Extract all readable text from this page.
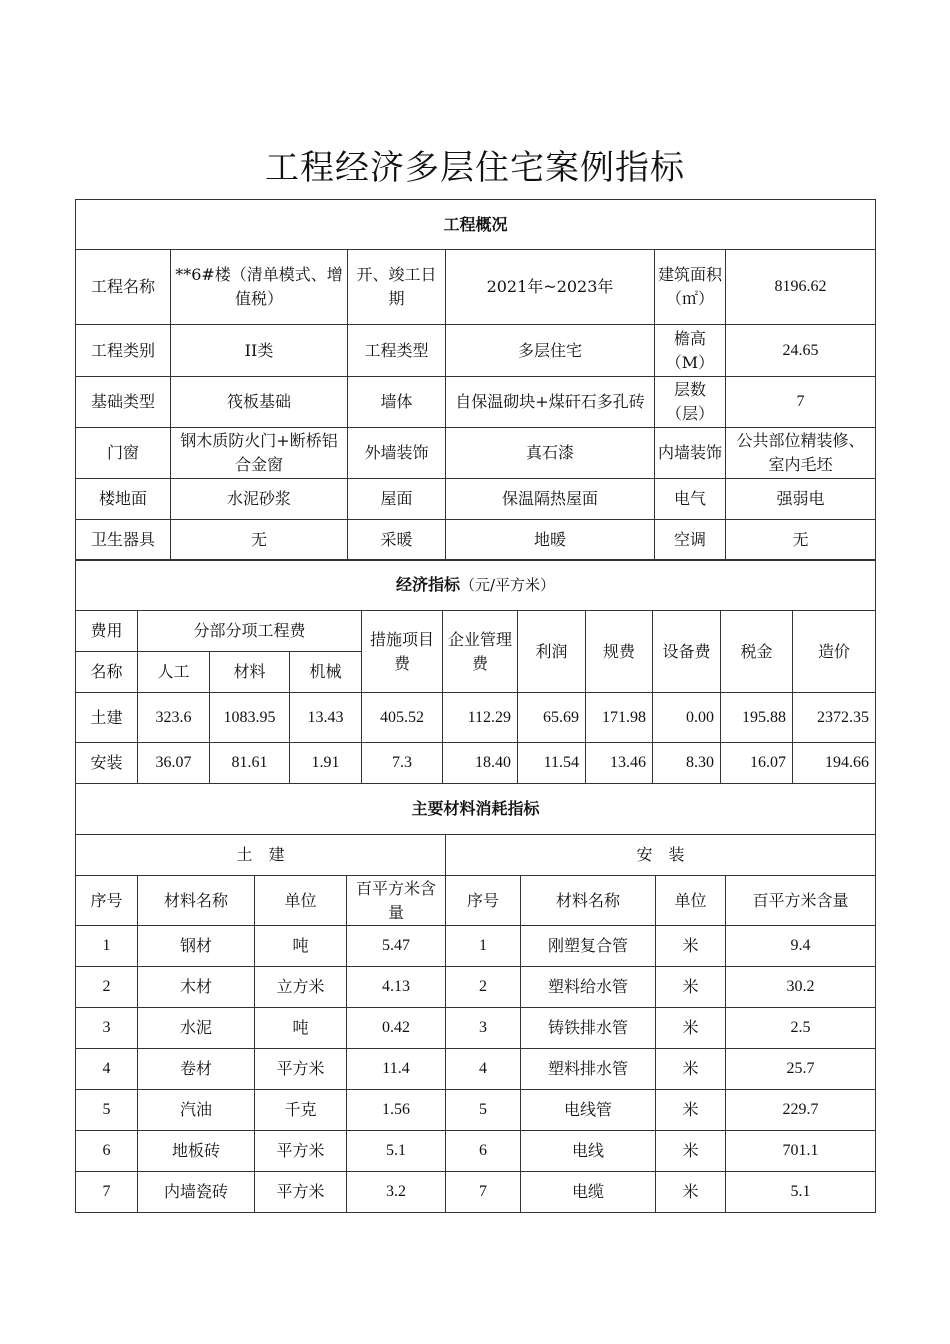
工程经济多层住宅案例指标
工程概况					
工程名称	**6#楼（清单模式、增值税）	开、竣工日期	2021年~2023年	建筑面积（㎡）	8196.62
工程类别	II类	工程类型	多层住宅	檐高（M）	24.65
基础类型	筏板基础	墙体	自保温砌块+煤矸石多孔砖	层数（层）	7
门窗	钢木质防火门+断桥铝合金窗	外墙装饰	真石漆	内墙装饰	公共部位精装修、室内毛坯
楼地面	水泥砂浆	屋面	保温隔热屋面	电气	强弱电
卫生器具	无	采暖	地暖	空调	无
经济指标（元/平方米）										
费用	分部分项工程费			措施项目费	企业管理费	利润	规费	设备费	税金	造价
名称	人工	材料	机械							
土建	323.6	1083.95	13.43	405.52	112.29	65.69	171.98	0.00	195.88	2372.35
安装	36.07	81.61	1.91	7.3	18.40	11.54	13.46	8.30	16.07	194.66
主要材料消耗指标							
土　建				安　装			
序号	材料名称	单位	百平方米含量	序号	材料名称	单位	百平方米含量
1	钢材	吨	5.47	1	刚塑复合管	米	9.4
2	木材	立方米	4.13	2	塑料给水管	米	30.2
3	水泥	吨	0.42	3	铸铁排水管	米	2.5
4	卷材	平方米	11.4	4	塑料排水管	米	25.7
5	汽油	千克	1.56	5	电线管	米	229.7
6	地板砖	平方米	5.1	6	电线	米	701.1
7	内墙瓷砖	平方米	3.2	7	电缆	米	5.1
